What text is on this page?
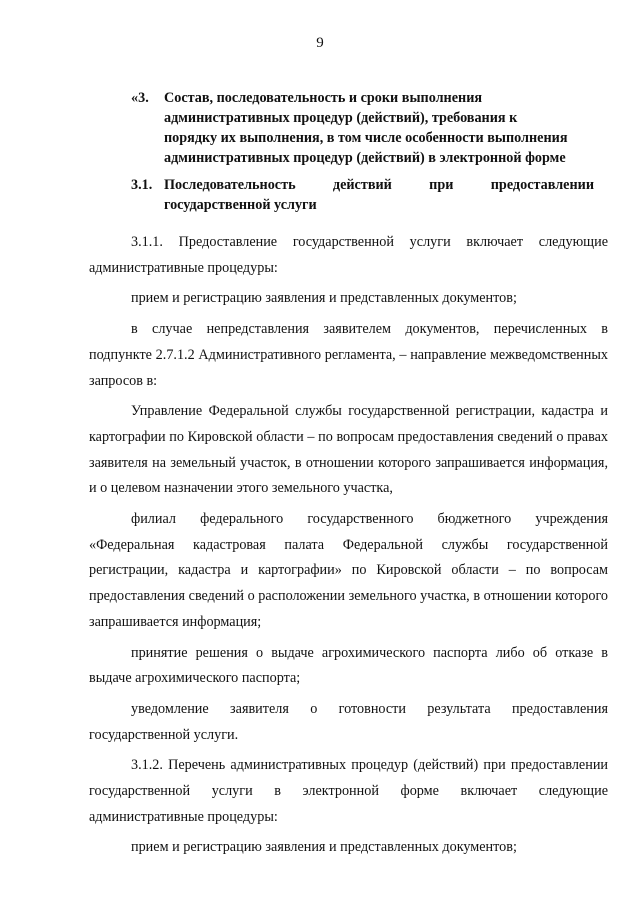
9
«3. Состав, последовательность и сроки выполнения административных процедур (действий), требования к порядку их выполнения, в том числе особенности выполнения административных процедур (действий) в электронной форме
3.1. Последовательность действий при предоставлении
государственной услуги

3.1.1. Предоставление государственной услуги включает следующие административные процедуры:

прием и регистрацию заявления и представленных документов;

в случае непредставления заявителем документов, перечисленных в подпункте 2.7.1.2 Административного регламента, – направление межведомственных запросов в:

Управление Федеральной службы государственной регистрации, кадастра и картографии по Кировской области – по вопросам предоставления сведений о правах заявителя на земельный участок, в отношении которого запрашивается информация, и о целевом назначении этого земельного участка,

филиал федерального государственного бюджетного учреждения «Федеральная кадастровая палата Федеральной службы государственной регистрации, кадастра и картографии» по Кировской области – по вопросам предоставления сведений о расположении земельного участка, в отношении которого запрашивается информация;

принятие решения о выдаче агрохимического паспорта либо об отказе в выдаче агрохимического паспорта;

уведомление заявителя о готовности результата предоставления государственной услуги.

3.1.2. Перечень административных процедур (действий) при предоставлении государственной услуги в электронной форме включает следующие административные процедуры:

прием и регистрацию заявления и представленных документов;
